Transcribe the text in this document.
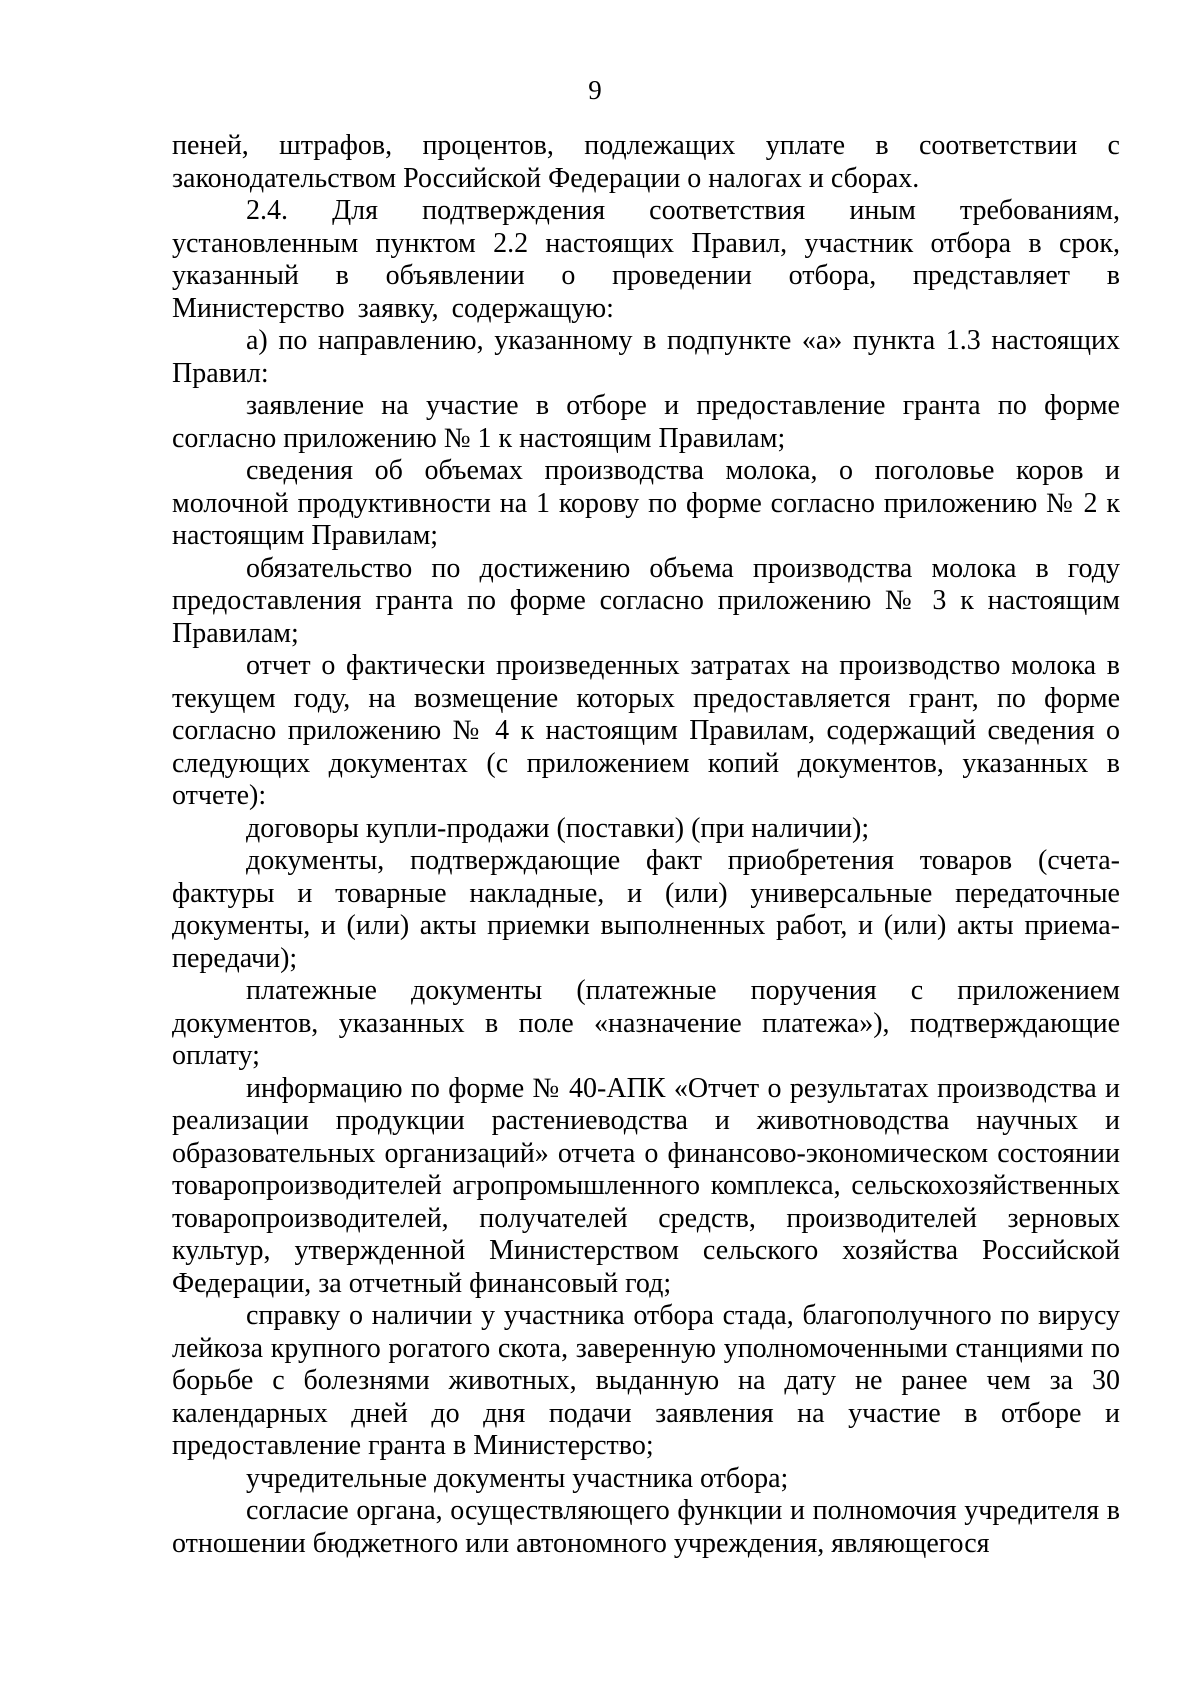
9

пеней, штрафов, процентов, подлежащих уплате в соответствии с законодательством Российской Федерации о налогах и сборах.

2.4. Для подтверждения соответствия иным требованиям, установленным пунктом 2.2 настоящих Правил, участник отбора в срок, указанный в объявлении о проведении отбора, представляет в Министерство заявку, содержащую:

а) по направлению, указанному в подпункте «а» пункта 1.3 настоящих Правил:

заявление на участие в отборе и предоставление гранта по форме согласно приложению № 1 к настоящим Правилам;

сведения об объемах производства молока, о поголовье коров и молочной продуктивности на 1 корову по форме согласно приложению № 2 к настоящим Правилам;

обязательство по достижению объема производства молока в году предоставления гранта по форме согласно приложению № 3 к настоящим Правилам;

отчет о фактически произведенных затратах на производство молока в текущем году, на возмещение которых предоставляется грант, по форме согласно приложению № 4 к настоящим Правилам, содержащий сведения о следующих документах (с приложением копий документов, указанных в отчете):

договоры купли-продажи (поставки) (при наличии);

документы, подтверждающие факт приобретения товаров (счета-фактуры и товарные накладные, и (или) универсальные передаточные документы, и (или) акты приемки выполненных работ, и (или) акты приема-передачи);

платежные документы (платежные поручения с приложением документов, указанных в поле «назначение платежа»), подтверждающие оплату;

информацию по форме № 40-АПК «Отчет о результатах производства и реализации продукции растениеводства и животноводства научных и образовательных организаций» отчета о финансово-экономическом состоянии товаропроизводителей агропромышленного комплекса, сельскохозяйственных товаропроизводителей, получателей средств, производителей зерновых культур, утвержденной Министерством сельского хозяйства Российской Федерации, за отчетный финансовый год;

справку о наличии у участника отбора стада, благополучного по вирусу лейкоза крупного рогатого скота, заверенную уполномоченными станциями по борьбе с болезнями животных, выданную на дату не ранее чем за 30 календарных дней до дня подачи заявления на участие в отборе и предоставление гранта в Министерство;

учредительные документы участника отбора;

согласие органа, осуществляющего функции и полномочия учредителя в отношении бюджетного или автономного учреждения, являющегося
